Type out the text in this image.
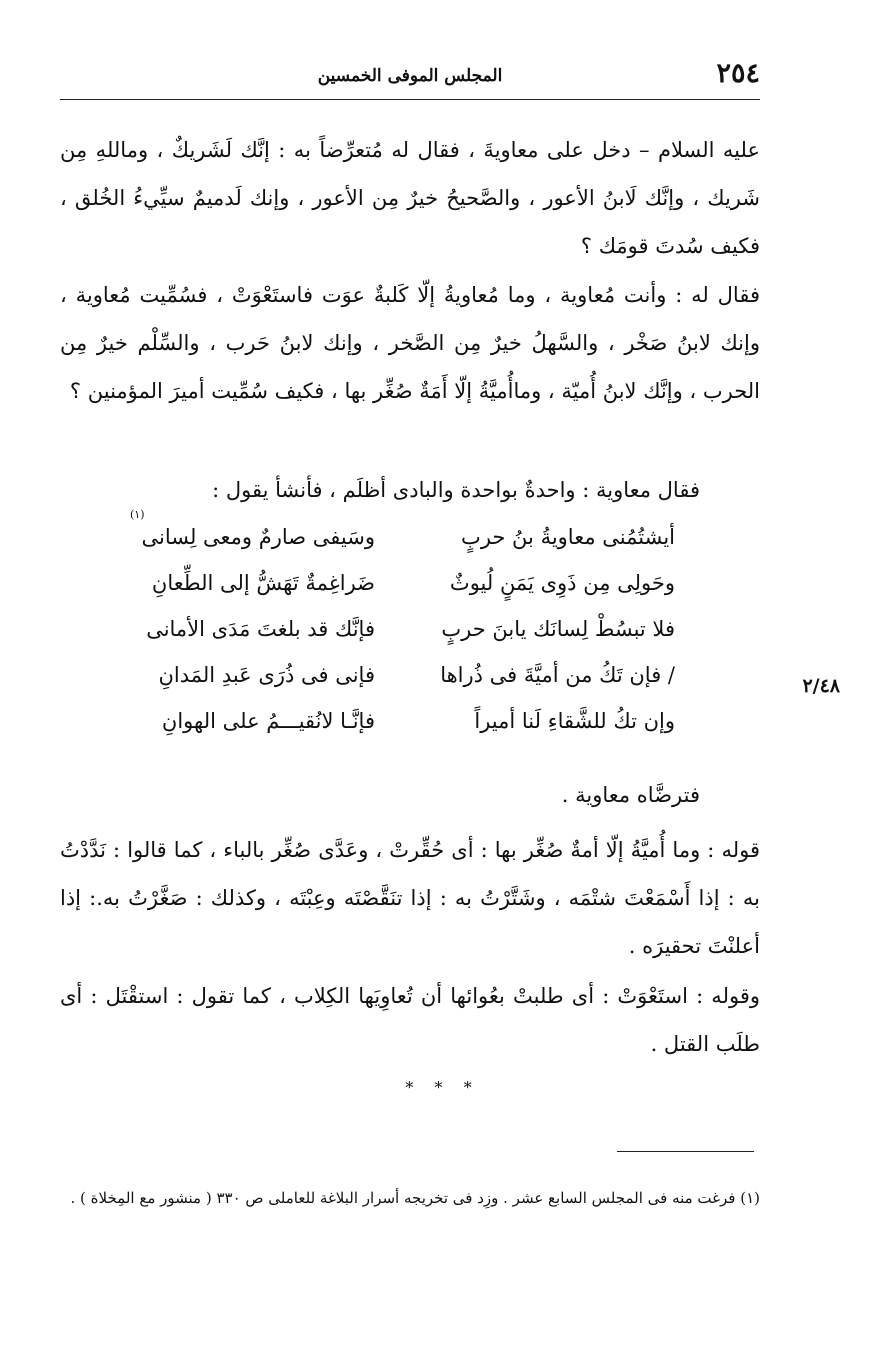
٢٥٤
المجلس الموفى الخمسين

عليه السلام – دخل على معاويةَ ، فقال له مُتعرِّضاً به : إنَّك لَشَريكٌ ، وماللهِ مِن شَريك ، وإنَّك لَابنُ الأعور ، والصَّحيحُ خيرٌ مِن الأعور ، وإنك لَدميمٌ سيِّيءُ الخُلق ، فكيف سُدتَ قومَك ؟

فقال له : وأنت مُعاوية ، وما مُعاويةُ إلّا كَلبةٌ عوَت فاستَعْوَتْ ، فسُمِّيت مُعاوية ، وإنك لابنُ صَخْر ، والسَّهلُ خيرٌ مِن الصَّخر ، وإنك لابنُ حَرب ، والسِّلْم خيرٌ مِن الحرب ، وإنَّك لابنُ أُميّة ، وماأُميَّةُ إلّا أَمَةٌ صُغِّر بها ، فكيف سُمِّيت أميرَ المؤمنين ؟

فقال معاوية : واحدةٌ بواحدة والبادى أظلَم ، فأنشأ يقول :

أيشتُمُنى معاويةُ بنُ حربٍ
وسَيفى صارمٌ ومعى لِسانى
(١)
وحَولِى مِن ذَوِى يَمَنٍ لُيوثٌ
ضَراغِمةٌ تَهَشُّ إلى الطِّعانِ
فلا تبسُطْ لِسانَك يابنَ حربٍ
فإنَّك قد بلغتَ مَدَى الأمانى
/ فإن تَكُ من أميَّةَ فى ذُراها
فإنى فى ذُرَى عَبدِ المَدانِ
وإن تكُ للشَّقاءِ لَنا أميراً
فإنَّـا لانُقيـــمُ على الهوانِ
٢/٤٨

فترضَّاه معاوية .

قوله : وما أُميَّةُ إلّا أمةٌ صُغِّر بها : أى حُقِّرتْ ، وعَدَّى صُغِّر بالباء ، كما قالوا : نَدَّدْتُ به : إذا أَسْمَعْتَ شتْمَه ، وشَتَّرْتُ به : إذا تنَقَّصْتَه وعِبْتَه ، وكذلك : صَغَّرْتُ به.: إذا أعلنْتَ تحقيرَه .

وقوله : استَعْوَتْ : أى طلبتْ بعُوائها أن تُعاوِيَها الكِلاب ، كما تقول : استقْتَل : أى طلَب القتل .

* * *

(١) فرغت منه فى المجلس السابع عشر . وزِد فى تخريجه أسرار البلاغة للعاملى ص ٣٣٠ ( منشور مع المِخلاة ) .
